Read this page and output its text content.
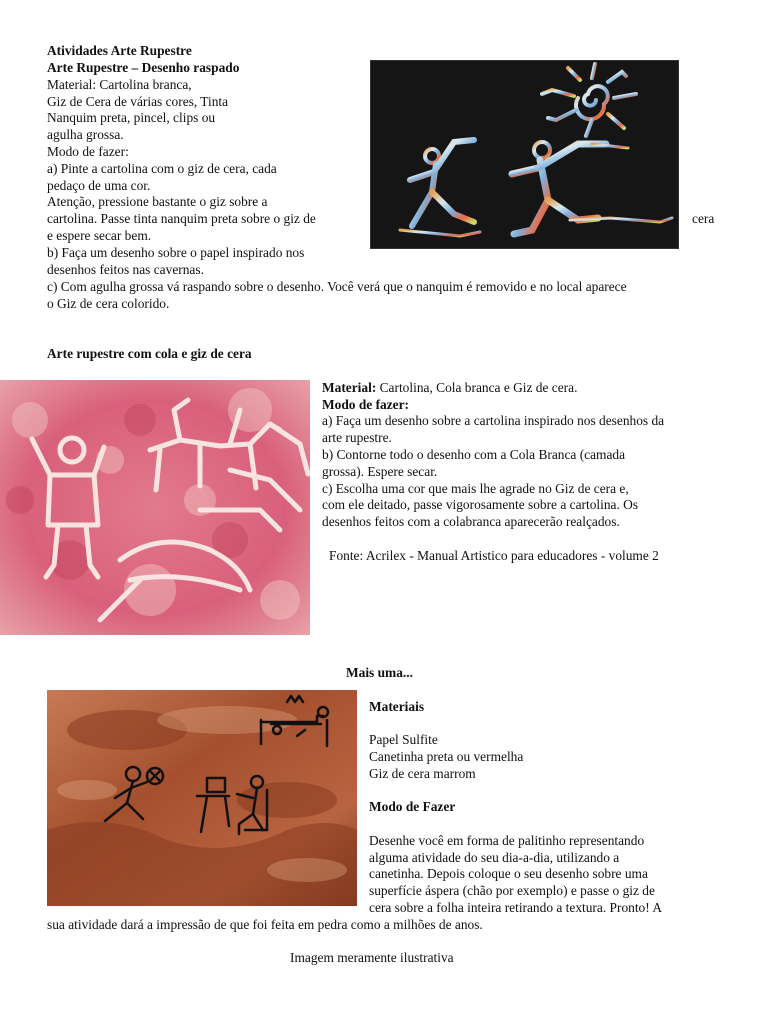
Atividades Arte Rupestre
Arte Rupestre – Desenho raspado
Material: Cartolina branca,
Giz de Cera de várias cores, Tinta
Nanquim preta, pincel, clips ou
agulha grossa.
Modo de fazer:
a) Pinte a cartolina com o giz de cera, cada
pedaço de uma cor.
Atenção, pressione bastante o giz sobre a
cartolina. Passe tinta nanquim preta sobre o giz de	cera
e espere secar bem.
b) Faça um desenho sobre o papel inspirado nos
desenhos feitos nas cavernas.
c) Com agulha grossa vá raspando sobre o desenho. Você verá que o nanquim é removido e no local aparece
o Giz de cera colorido.
Arte rupestre com cola e giz de cera
Material: Cartolina, Cola branca e Giz de cera.
Modo de fazer:
a) Faça um desenho sobre a cartolina inspirado nos desenhos da
arte rupestre.
b) Contorne todo o desenho com a Cola Branca (camada
grossa). Espere secar.
c) Escolha uma cor que mais lhe agrade no Giz de cera e,
com ele deitado, passe vigorosamente sobre a cartolina. Os
desenhos feitos com a colabranca aparecerão realçados.
Fonte: Acrilex - Manual Artistico para educadores - volume 2
Mais uma...
Materiais
Papel Sulfite
Canetinha preta ou vermelha
Giz de cera marrom
Modo de Fazer
Desenhe você em forma de palitinho representando
alguma atividade do seu dia-a-dia, utilizando a
canetinha. Depois coloque o seu desenho sobre uma
superfície áspera (chão por exemplo) e passe o giz de
cera sobre a folha inteira retirando a textura. Pronto! A
sua atividade dará a impressão de que foi feita em pedra como a milhões de anos.
Imagem meramente ilustrativa
